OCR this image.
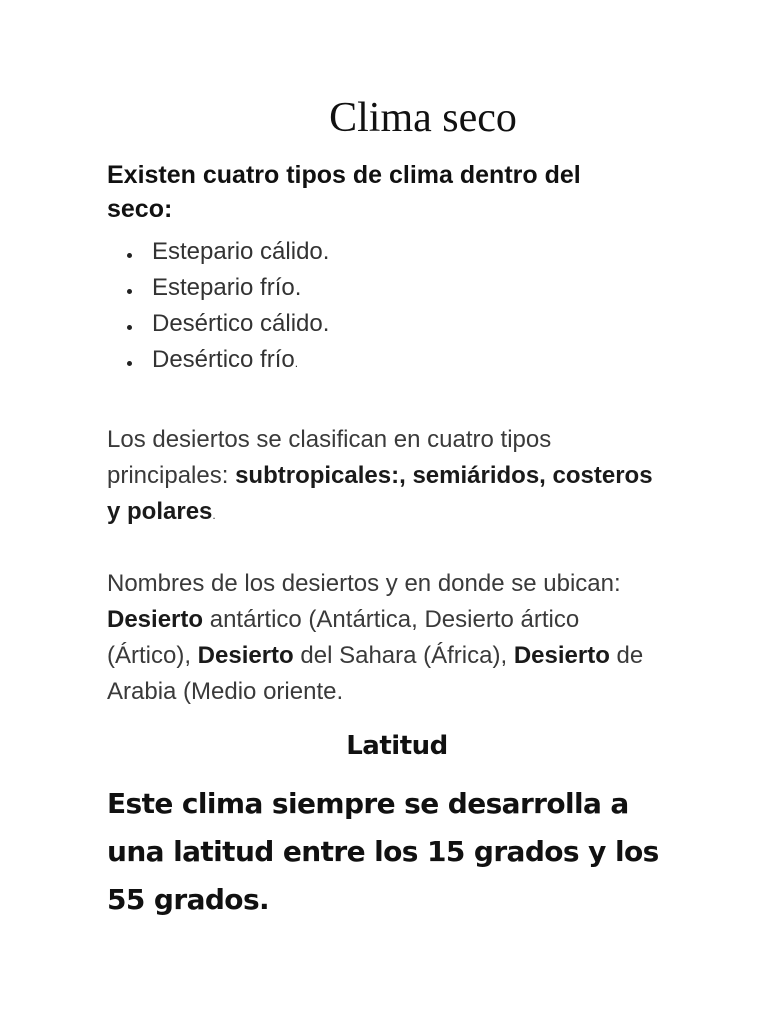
Clima seco

Existen cuatro tipos de clima dentro del seco:

Estepario cálido.
Estepario frío.
Desértico cálido.
Desértico frío.

Los desiertos se clasifican en cuatro tipos principales: subtropicales:, semiáridos, costeros y polares.

Nombres de los desiertos y en donde se ubican: Desierto antártico (Antártica, Desierto ártico (Ártico), Desierto del Sahara (África), Desierto de Arabia (Medio oriente.

Latitud

Este clima siempre se desarrolla a una latitud entre los 15 grados y los 55 grados.
